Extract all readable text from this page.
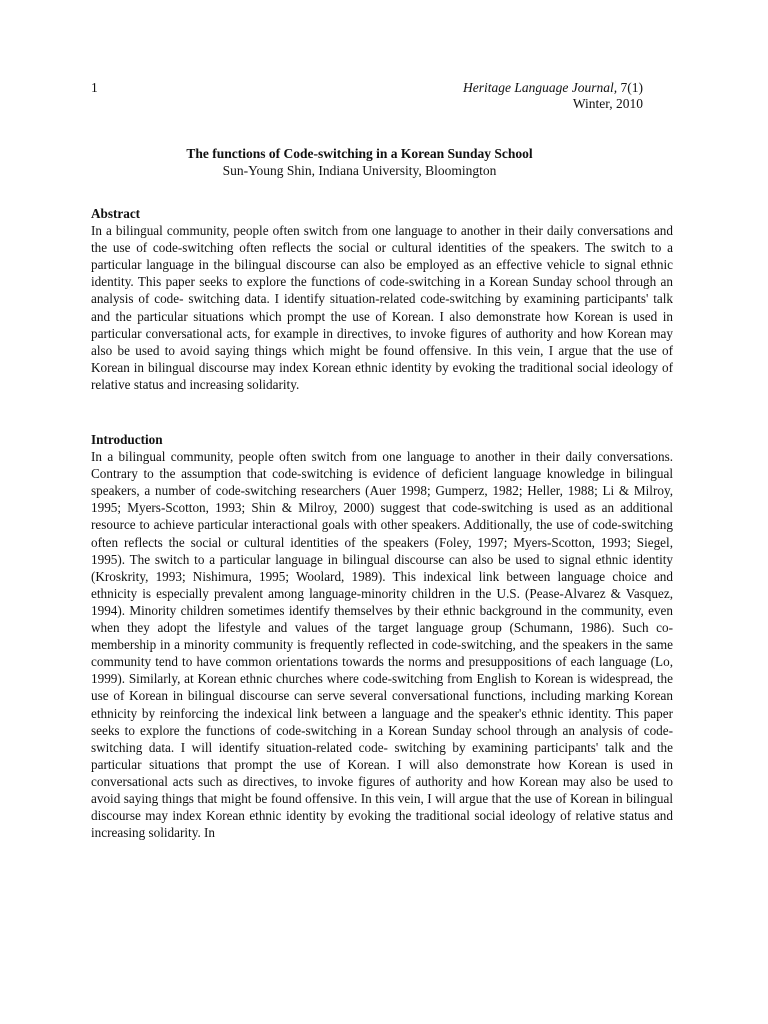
1	Heritage Language Journal, 7(1)
Winter, 2010
The functions of Code-switching in a Korean Sunday School
Sun-Young Shin, Indiana University, Bloomington
Abstract

In a bilingual community, people often switch from one language to another in their daily conversations and the use of code-switching often reflects the social or cultural identities of the speakers. The switch to a particular language in the bilingual discourse can also be employed as an effective vehicle to signal ethnic identity. This paper seeks to explore the functions of code-switching in a Korean Sunday school through an analysis of code- switching data. I identify situation-related code-switching by examining participants' talk and the particular situations which prompt the use of Korean. I also demonstrate how Korean is used in particular conversational acts, for example in directives, to invoke figures of authority and how Korean may also be used to avoid saying things which might be found offensive. In this vein, I argue that the use of Korean in bilingual discourse may index Korean ethnic identity by evoking the traditional social ideology of relative status and increasing solidarity.

Introduction

In a bilingual community, people often switch from one language to another in their daily conversations. Contrary to the assumption that code-switching is evidence of deficient language knowledge in bilingual speakers, a number of code-switching researchers (Auer 1998; Gumperz, 1982; Heller, 1988; Li & Milroy, 1995; Myers-Scotton, 1993; Shin & Milroy, 2000) suggest that code-switching is used as an additional resource to achieve particular interactional goals with other speakers. Additionally, the use of code-switching often reflects the social or cultural identities of the speakers (Foley, 1997; Myers-Scotton, 1993; Siegel, 1995). The switch to a particular language in bilingual discourse can also be used to signal ethnic identity (Kroskrity, 1993; Nishimura, 1995; Woolard, 1989). This indexical link between language choice and ethnicity is especially prevalent among language-minority children in the U.S. (Pease-Alvarez & Vasquez, 1994). Minority children sometimes identify themselves by their ethnic background in the community, even when they adopt the lifestyle and values of the target language group (Schumann, 1986). Such co-membership in a minority community is frequently reflected in code-switching, and the speakers in the same community tend to have common orientations towards the norms and presuppositions of each language (Lo, 1999). Similarly, at Korean ethnic churches where code-switching from English to Korean is widespread, the use of Korean in bilingual discourse can serve several conversational functions, including marking Korean ethnicity by reinforcing the indexical link between a language and the speaker's ethnic identity. This paper seeks to explore the functions of code-switching in a Korean Sunday school through an analysis of code-switching data. I will identify situation-related code- switching by examining participants' talk and the particular situations that prompt the use of Korean. I will also demonstrate how Korean is used in conversational acts such as directives, to invoke figures of authority and how Korean may also be used to avoid saying things that might be found offensive. In this vein, I will argue that the use of Korean in bilingual discourse may index Korean ethnic identity by evoking the traditional social ideology of relative status and increasing solidarity. In
